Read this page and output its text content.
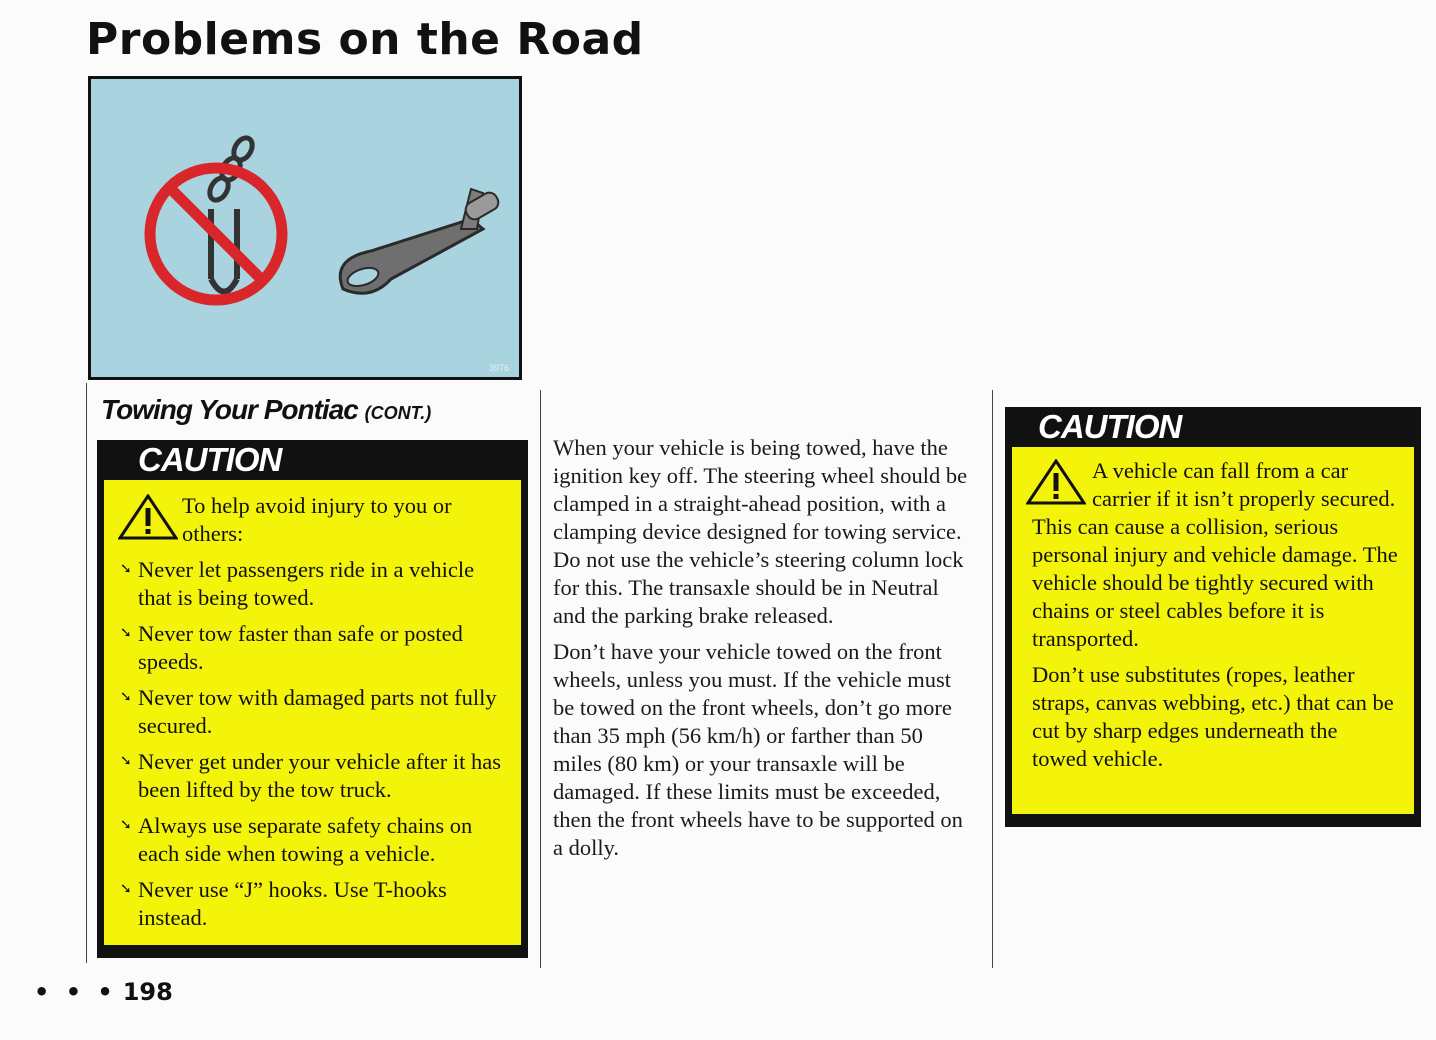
Problems on the Road
3976
Towing Your Pontiac (CONT.)
CAUTION
To help avoid injury to you or others:
➘ Never let passengers ride in a vehicle that is being towed.
➘ Never tow faster than safe or posted speeds.
➘ Never tow with damaged parts not fully secured.
➘ Never get under your vehicle after it has been lifted by the tow truck.
➘ Always use separate safety chains on each side when towing a vehicle.
➘ Never use “J” hooks. Use T-hooks instead.

When your vehicle is being towed, have the ignition key off. The steering wheel should be clamped in a straight-ahead position, with a clamping device designed for towing service. Do not use the vehicle’s steering column lock for this. The transaxle should be in Neutral and the parking brake released.

Don’t have your vehicle towed on the front wheels, unless you must. If the vehicle must be towed on the front wheels, don’t go more than 35 mph (56 km/h) or farther than 50 miles (80 km) or your transaxle will be damaged. If these limits must be exceeded, then the front wheels have to be supported on a dolly.

CAUTION
A vehicle can fall from a car carrier if it isn’t properly secured. This can cause a collision, serious personal injury and vehicle damage. The vehicle should be tightly secured with chains or steel cables before it is transported.
Don’t use substitutes (ropes, leather straps, canvas webbing, etc.) that can be cut by sharp edges underneath the towed vehicle.
• • • 198
